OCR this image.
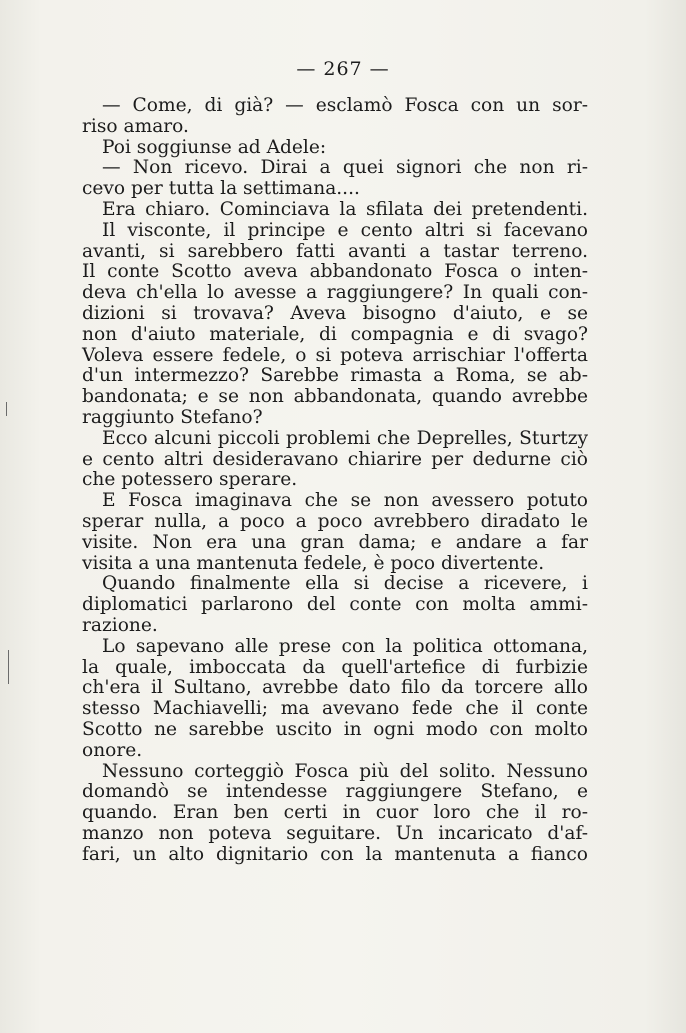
— 267 —
— Come, di già? — esclamò Fosca con un sor-
riso amaro.
Poi soggiunse ad Adele:
— Non ricevo. Dirai a quei signori che non ri-
cevo per tutta la settimana....
Era chiaro. Cominciava la sfilata dei pretendenti.
Il visconte, il principe e cento altri si facevano
avanti, si sarebbero fatti avanti a tastar terreno.
Il conte Scotto aveva abbandonato Fosca o inten-
deva ch'ella lo avesse a raggiungere? In quali con-
dizioni si trovava? Aveva bisogno d'aiuto, e se
non d'aiuto materiale, di compagnia e di svago?
Voleva essere fedele, o si poteva arrischiar l'offerta
d'un intermezzo? Sarebbe rimasta a Roma, se ab-
bandonata; e se non abbandonata, quando avrebbe
raggiunto Stefano?
Ecco alcuni piccoli problemi che Deprelles, Sturtzy
e cento altri desideravano chiarire per dedurne ciò
che potessero sperare.
E Fosca imaginava che se non avessero potuto
sperar nulla, a poco a poco avrebbero diradato le
visite. Non era una gran dama; e andare a far
visita a una mantenuta fedele, è poco divertente.
Quando finalmente ella si decise a ricevere, i
diplomatici parlarono del conte con molta ammi-
razione.
Lo sapevano alle prese con la politica ottomana,
la quale, imboccata da quell'artefice di furbizie
ch'era il Sultano, avrebbe dato filo da torcere allo
stesso Machiavelli; ma avevano fede che il conte
Scotto ne sarebbe uscito in ogni modo con molto
onore.
Nessuno corteggiò Fosca più del solito. Nessuno
domandò se intendesse raggiungere Stefano, e
quando. Eran ben certi in cuor loro che il ro-
manzo non poteva seguitare. Un incaricato d'af-
fari, un alto dignitario con la mantenuta a fianco
